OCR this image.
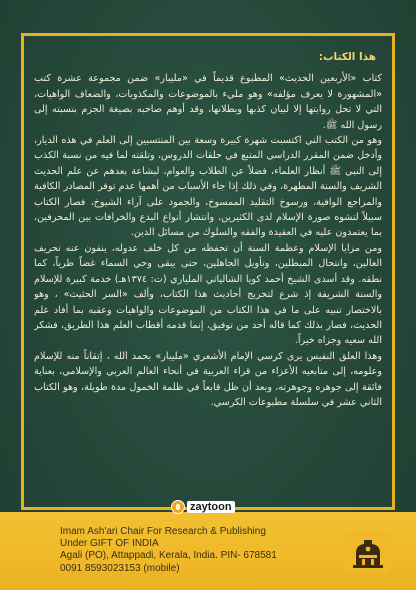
هذا الكتاب:
كتاب «الأربعين الحديث» المطبوع قديماً في «مليبار» ضمن مجموعة عشرة كتب «المشهورة لا يعرف مؤلفه» وهو مليء بالموضوعات والمكذوبات، والضعاف الواهيات، التي لا تحل روايتها إلا لبيان كذبها وبطلانها، وقد أوهم صاحبه بصيغة الجزم بنسبته إلى رسول الله ﷺ.
وهو من الكتب التي اكتسبت شهرة كبيرة وسعة بين المنتسبين إلى العلم في هذه الديار، وأدخل ضمن المقرر الدراسي المتبع في حلقات الدروس، وتلقته لما فيه من نسبة الكذب إلى النبي ﷺ أنظار العلماء، فضلاً عن الطلاب والعوام، لبشاعة بعدهم عن علم الحديث الشريف والسنة المطهرة، وفي ذلك إذا جاء الأسباب من أهمها عدم توفر المصادر الكافية والمراجع الوافية، ورسوخ التقليد الممسوخ، والجمود على آراء الشيوخ، فصار الكتاب سبيلاً لتشوه صورة الإسلام لدى الكثيرين، وانتشار أنواع البدع والخرافات بين المحرفين، بما يعتمدون عليه في العقيدة والفقه والسلوك من مسائل الدين.
ومن مزايا الإسلام وعظمة السنة أن تحفظه من كل خلف عدوله، ينفون عنه تحريف الغالين، وانتحال المبطلين، وتأويل الجاهلين، حتى يبقى وحي السماء غضاً طرياً، كما نطقه. وقد أسدى الشيخ أحمد كويا الشالياتي الملياري (ت: ١٣٧٤هـ) خدمة كبيرة للإسلام والسنة الشريفة إذ شرع لتخريج أحاديث هذا الكتاب، وألف «السر الحثيث» ، وهو بالاختصار تنبيه على ما في هذا الكتاب من الموضوعات والواهيات وعقبه بما أفاد علم الحديث، فصار بذلك كما قاله أحد من توفيق، إنما قدمه أقطاب العلم هذا الطريق، فشكر الله سعيه وجزاه خيراً.
وهذا العلق النفيس يرى كرسي الإمام الأشعري «مليبار» بحمد الله ، إتقاناً منه للإسلام وعلومه، إلى متابعيه الأعزاء من قراء العربية في أنحاء العالم العربي والإسلامي، بعناية فائقة إلى جوهره وجوهرته، وبعد أن ظل قابعاً في ظلمة الخمول مدة طويلة، وهو الكتاب الثاني عشر في سلسلة مطبوعات الكرسي.
zaytoon
Imam Ash'ari Chair For Research & Publishing
Under GIFT OF INDIA
Agali (PO), Attappadi, Kerala, India. PIN- 678581
0091 8593023153 (mobile)
